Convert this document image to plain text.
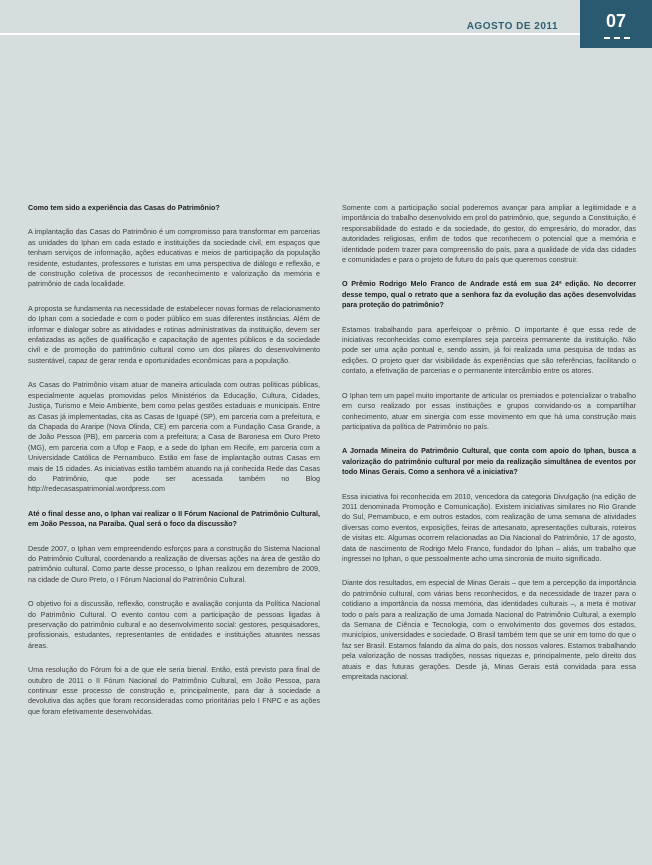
AGOSTO DE 2011	07

Como tem sido a experiência das Casas do Patrimônio?

A implantação das Casas do Patrimônio é um compromisso para transformar em parcerias as unidades do Iphan em cada estado e instituições da sociedade civil, em espaços que tenham serviços de informação, ações educativas e meios de participação da população residente, estudantes, professores e turistas em uma perspectiva de diálogo e reflexão, e de construção coletiva de processos de reconhecimento e valorização da memória e patrimônio de cada localidade.

A proposta se fundamenta na necessidade de estabelecer novas formas de relacionamento do Iphan com a sociedade e com o poder público em suas diferentes instâncias. Além de informar e dialogar sobre as atividades e rotinas administrativas da instituição, devem ser enfatizadas as ações de qualificação e capacitação de agentes públicos e da sociedade civil e de promoção do patrimônio cultural como um dos pilares do desenvolvimento sustentável, capaz de gerar renda e oportunidades econômicas para a população.

As Casas do Patrimônio visam atuar de maneira articulada com outras políticas públicas, especialmente aquelas promovidas pelos Ministérios da Educação, Cultura, Cidades, Justiça, Turismo e Meio Ambiente, bem como pelas gestões estaduais e municipais. Entre as Casas já implementadas, cita as Casas de Iguapé (SP), em parceria com a prefeitura, e da Chapada do Araripe (Nova Olinda, CE) em parceria com a Fundação Casa Grande, a de João Pessoa (PB), em parceria com a prefeitura; a Casa de Baronesa em Ouro Preto (MG), em parceria com a Ufop e Faop, e a sede do Iphan em Recife, em parceria com a Universidade Católica de Pernambuco. Estão em fase de implantação outras Casas em mais de 15 cidades. As iniciativas estão também atuando na já conhecida Rede das Casas do Patrimônio, que pode ser acessada também no Blog http://redecasaspatrimonial.wordpress.com

Até o final desse ano, o Iphan vai realizar o II Fórum Nacional de Patrimônio Cultural, em João Pessoa, na Paraíba. Qual será o foco da discussão?

Desde 2007, o Iphan vem empreendendo esforços para a construção do Sistema Nacional do Patrimônio Cultural, coordenando a realização de diversas ações na área de gestão do patrimônio cultural. Como parte desse processo, o Iphan realizou em dezembro de 2009, na cidade de Ouro Preto, o I Fórum Nacional do Patrimônio Cultural.

O objetivo foi a discussão, reflexão, construção e avaliação conjunta da Política Nacional do Patrimônio Cultural. O evento contou com a participação de pessoas ligadas à preservação do patrimônio cultural e ao desenvolvimento social: gestores, pesquisadores, profissionais, estudantes, representantes de entidades e instituições atuantes nessas áreas.

Uma resolução do Fórum foi a de que ele seria bienal. Então, está previsto para final de outubro de 2011 o II Fórum Nacional do Patrimônio Cultural, em João Pessoa, para continuar esse processo de construção e, principalmente, para dar à sociedade a devolutiva das ações que foram reconsideradas como prioritárias pelo I FNPC e as ações que foram efetivamente desenvolvidas.

Somente com a participação social poderemos avançar para ampliar a legitimidade e a importância do trabalho desenvolvido em prol do patrimônio, que, segundo a Constituição, é responsabilidade do estado e da sociedade, do gestor, do empresário, do morador, das autoridades religiosas, enfim de todos que reconhecem o potencial que a memória e identidade podem trazer para compreensão do país, para a qualidade de vida das cidades e comunidades e para o projeto de futuro do país que queremos construir.

O Prêmio Rodrigo Melo Franco de Andrade está em sua 24ª edição. No decorrer desse tempo, qual o retrato que a senhora faz da evolução das ações desenvolvidas para proteção do patrimônio?

Estamos trabalhando para aperfeiçoar o prêmio. O importante é que essa rede de iniciativas reconhecidas como exemplares seja parceira permanente da instituição. Não pode ser uma ação pontual e, sendo assim, já foi realizada uma pesquisa de todas as edições. O projeto quer dar visibilidade às experiências que são referências, facilitando o contato, a efetivação de parcerias e o permanente intercâmbio entre os atores.

O Iphan tem um papel muito importante de articular os premiados e potencializar o trabalho em curso realizado por essas instituições e grupos convidando-os a compartilhar conhecimento, atuar em sinergia com esse movimento em que há uma construção mais participativa da política de Patrimônio no país.

A Jornada Mineira do Patrimônio Cultural, que conta com apoio do Iphan, busca a valorização do patrimônio cultural por meio da realização simultânea de eventos por todo Minas Gerais. Como a senhora vê a iniciativa?

Essa iniciativa foi reconhecida em 2010, vencedora da categoria Divulgação (na edição de 2011 denominada Promoção e Comunicação). Existem iniciativas similares no Rio Grande do Sul, Pernambuco, e em outros estados, com realização de uma semana de atividades diversas como eventos, exposições, feiras de artesanato, apresentações culturais, roteiros de visitas etc. Algumas ocorrem relacionadas ao Dia Nacional do Patrimônio, 17 de agosto, data de nascimento de Rodrigo Melo Franco, fundador do Iphan – aliás, um trabalho que ingressei no Iphan, o que pessoalmente acho uma sincronia de muito significado.

Diante dos resultados, em especial de Minas Gerais – que tem a percepção da importância do patrimônio cultural, com várias bens reconhecidos, e da necessidade de trazer para o cotidiano a importância da nossa memória, das identidades culturais –, a meta é motivar todo o país para a realização de uma Jornada Nacional do Patrimônio Cultural, a exemplo da Semana de Ciência e Tecnologia, com o envolvimento dos governos dos estados, municípios, universidades e sociedade. O Brasil também tem que se unir em torno do que o faz ser Brasil. Estamos falando da alma do país, dos nossos valores. Estamos trabalhando pela valorização de nossas tradições, nossas riquezas e, principalmente, pelo direito dos atuais e das futuras gerações. Desde já, Minas Gerais está convidada para essa empreitada nacional.
